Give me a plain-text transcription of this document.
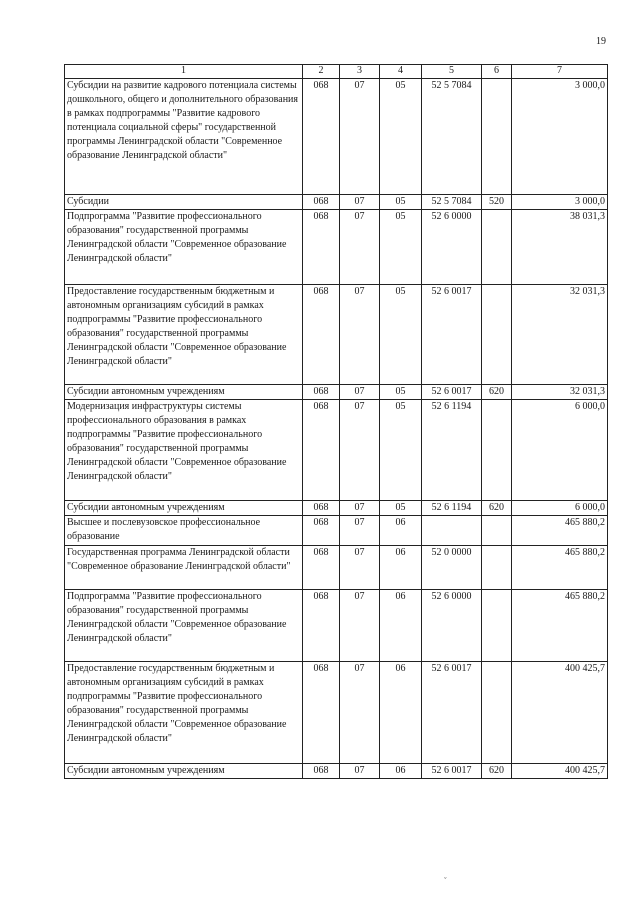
19
1	2	3	4	5	6	7
Субсидии на развитие кадрового потенциала системы дошкольного, общего и дополнительного образования в рамках подпрограммы "Развитие кадрового потенциала социальной сферы" государственной программы Ленинградской области "Современное образование Ленинградской области"	068	07	05	52 5 7084		3 000,0
Субсидии	068	07	05	52 5 7084	520	3 000,0
Подпрограмма "Развитие профессионального образования" государственной программы Ленинградской области "Современное образование Ленинградской области"	068	07	05	52 6 0000		38 031,3
Предоставление государственным бюджетным и автономным организациям субсидий в рамках подпрограммы "Развитие профессионального образования" государственной программы Ленинградской области "Современное образование Ленинградской области"	068	07	05	52 6 0017		32 031,3
Субсидии автономным учреждениям	068	07	05	52 6 0017	620	32 031,3
Модернизация инфраструктуры системы профессионального образования в рамках подпрограммы "Развитие профессионального образования" государственной программы Ленинградской области "Современное образование Ленинградской области"	068	07	05	52 6 1194		6 000,0
Субсидии автономным учреждениям	068	07	05	52 6 1194	620	6 000,0
Высшее и послевузовское профессиональное образование	068	07	06			465 880,2
Государственная программа Ленинградской области "Современное образование Ленинградской области"	068	07	06	52 0 0000		465 880,2
Подпрограмма "Развитие профессионального образования" государственной программы Ленинградской области "Современное образование Ленинградской области"	068	07	06	52 6 0000		465 880,2
Предоставление государственным бюджетным и автономным организациям субсидий в рамках подпрограммы "Развитие профессионального образования" государственной программы Ленинградской области "Современное образование Ленинградской области"	068	07	06	52 6 0017		400 425,7
Субсидии автономным учреждениям	068	07	06	52 6 0017	620	400 425,7
ˇ
